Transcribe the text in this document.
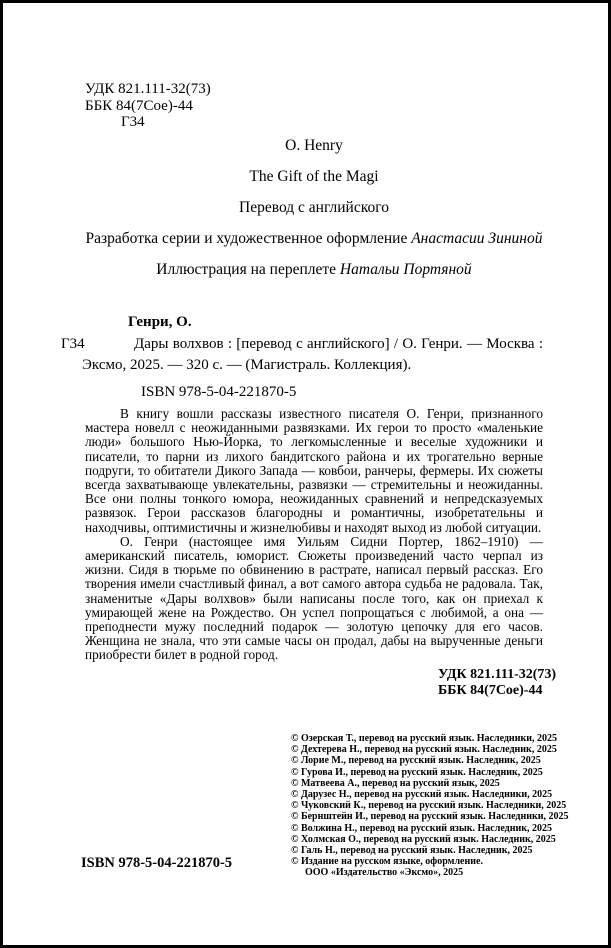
УДК 821.111-32(73)
ББК 84(7Сое)-44
Г34
O. Henry
The Gift of the Magi
Перевод с английского
Разработка серии и художественное оформление Анастасии Зининой
Иллюстрация на переплете Натальи Портяной
Генри, О.
Г34	Дары волхвов : [перевод с английского] / О. Генри. — Москва : Эксмо, 2025. — 320 с. — (Магистраль. Коллекция).

ISBN 978-5-04-221870-5

В книгу вошли рассказы известного писателя О. Генри, признанного мастера новелл с неожиданными развязками. Их герои то просто «маленькие люди» большого Нью-Йорка, то легкомысленные и веселые художники и писатели, то парни из лихого бандитского района и их трогательно верные подруги, то обитатели Дикого Запада — ковбои, ранчеры, фермеры. Их сюжеты всегда захватывающе увлекательны, развязки — стремительны и неожиданны. Все они полны тонкого юмора, неожиданных сравнений и непредсказуемых развязок. Герои рассказов благородны и романтичны, изобретательны и находчивы, оптимистичны и жизнелюбивы и находят выход из любой ситуации.

О. Генри (настоящее имя Уильям Сидни Портер, 1862–1910) — американский писатель, юморист. Сюжеты произведений часто черпал из жизни. Сидя в тюрьме по обвинению в растрате, написал первый рассказ. Его творения имели счастливый финал, а вот самого автора судьба не радовала. Так, знаменитые «Дары волхвов» были написаны после того, как он приехал к умирающей жене на Рождество. Он успел попрощаться с любимой, а она — преподнести мужу последний подарок — золотую цепочку для его часов. Женщина не знала, что эти самые часы он продал, дабы на вырученные деньги приобрести билет в родной город.

УДК 821.111-32(73)
ББК 84(7Сое)-44
© Озерская Т., перевод на русский язык. Наследники, 2025
© Дехтерева Н., перевод на русский язык. Наследник, 2025
© Лорие М., перевод на русский язык. Наследник, 2025
© Гурова И., перевод на русский язык. Наследник, 2025
© Матвеева А., перевод на русский язык, 2025
© Дарузес Н., перевод на русский язык. Наследники, 2025
© Чуковский К., перевод на русский язык. Наследники, 2025
© Бернштейн И., перевод на русский язык. Наследники, 2025
© Волжина Н., перевод на русский язык. Наследник, 2025
© Холмская О., перевод на русский язык. Наследник, 2025
© Галь Н., перевод на русский язык. Наследник, 2025
© Издание на русском языке, оформление.
ООО «Издательство «Эксмо», 2025
ISBN 978-5-04-221870-5
